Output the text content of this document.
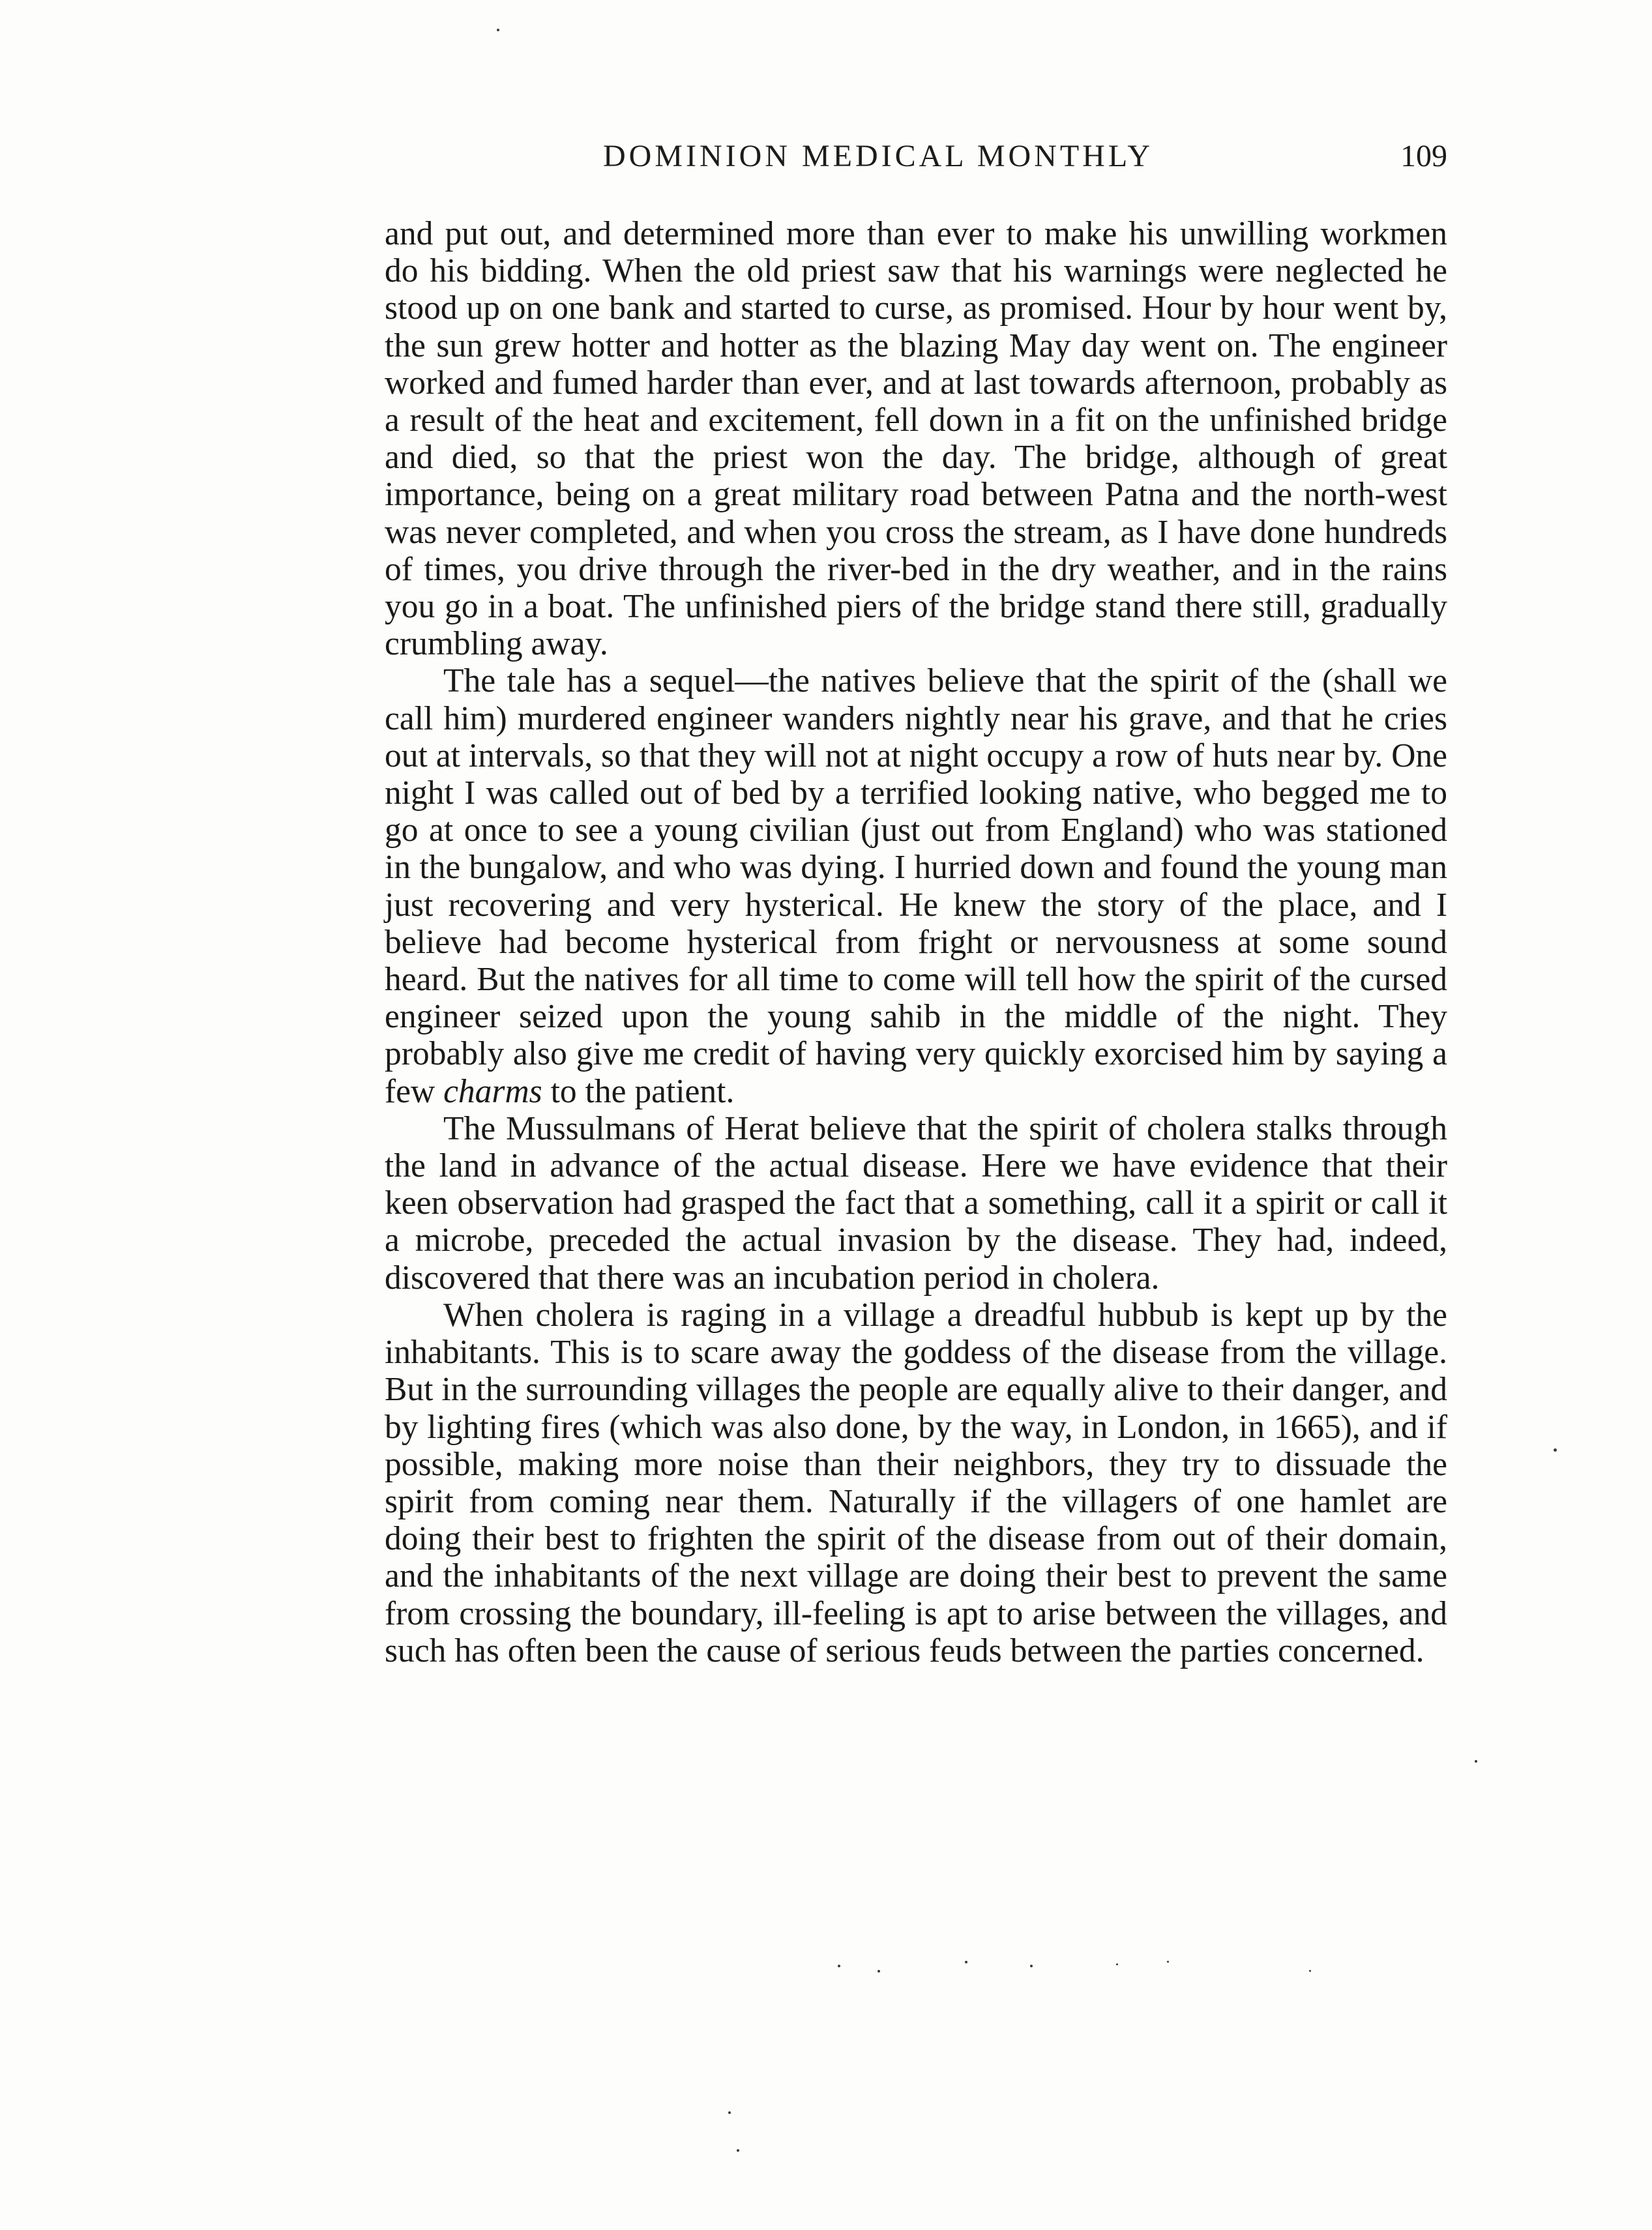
DOMINION MEDICAL MONTHLY	109

and put out, and determined more than ever to make his unwilling workmen do his bidding. When the old priest saw that his warnings were neglected he stood up on one bank and started to curse, as promised. Hour by hour went by, the sun grew hotter and hotter as the blazing May day went on. The engineer worked and fumed harder than ever, and at last towards afternoon, probably as a result of the heat and excitement, fell down in a fit on the unfinished bridge and died, so that the priest won the day. The bridge, although of great importance, being on a great military road between Patna and the north-west was never completed, and when you cross the stream, as I have done hundreds of times, you drive through the river-bed in the dry weather, and in the rains you go in a boat. The unfinished piers of the bridge stand there still, gradually crumbling away.

The tale has a sequel—the natives believe that the spirit of the (shall we call him) murdered engineer wanders nightly near his grave, and that he cries out at intervals, so that they will not at night occupy a row of huts near by. One night I was called out of bed by a terrified looking native, who begged me to go at once to see a young civilian (just out from England) who was stationed in the bungalow, and who was dying. I hurried down and found the young man just recovering and very hysterical. He knew the story of the place, and I believe had become hysterical from fright or nervousness at some sound heard. But the natives for all time to come will tell how the spirit of the cursed engineer seized upon the young sahib in the middle of the night. They probably also give me credit of having very quickly exorcised him by saying a few charms to the patient.

The Mussulmans of Herat believe that the spirit of cholera stalks through the land in advance of the actual disease. Here we have evidence that their keen observation had grasped the fact that a something, call it a spirit or call it a microbe, preceded the actual invasion by the disease. They had, indeed, discovered that there was an incubation period in cholera.

When cholera is raging in a village a dreadful hubbub is kept up by the inhabitants. This is to scare away the goddess of the disease from the village. But in the surrounding villages the people are equally alive to their danger, and by lighting fires (which was also done, by the way, in London, in 1665), and if possible, making more noise than their neighbors, they try to dissuade the spirit from coming near them. Naturally if the villagers of one hamlet are doing their best to frighten the spirit of the disease from out of their domain, and the inhabitants of the next village are doing their best to prevent the same from crossing the boundary, ill-feeling is apt to arise between the villages, and such has often been the cause of serious feuds between the parties concerned.
